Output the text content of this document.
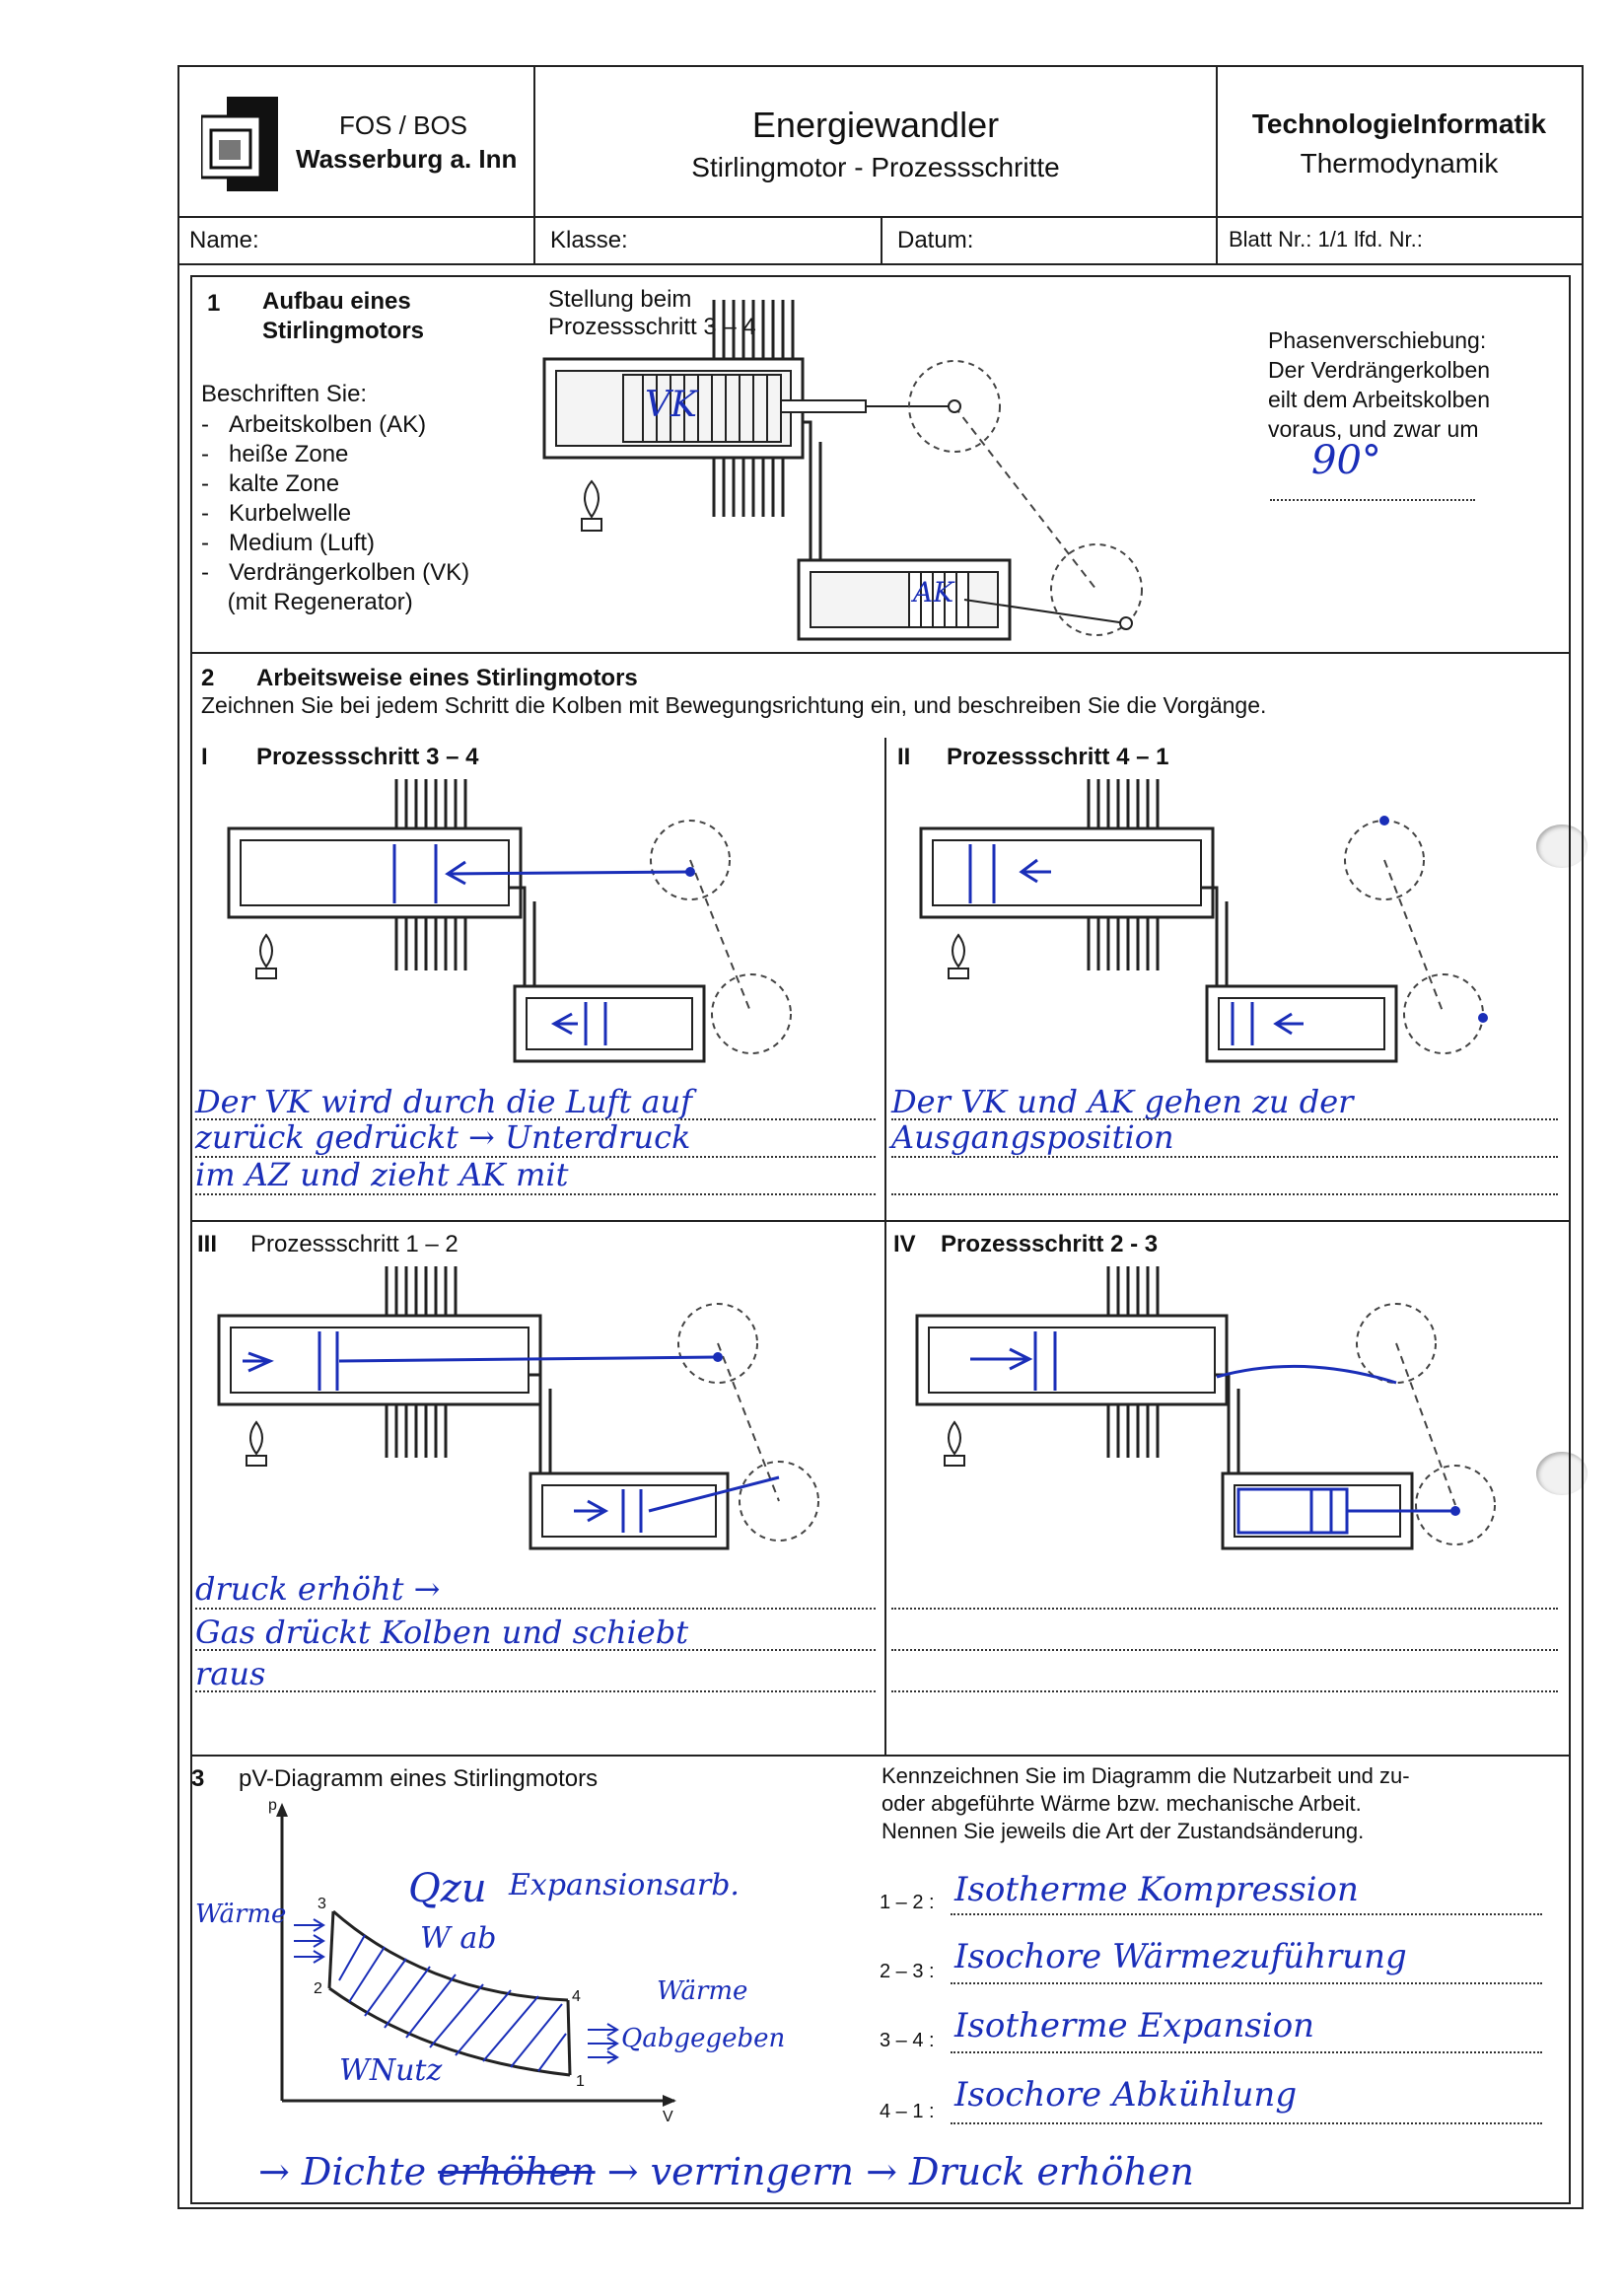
FOS / BOS
Wasserburg a. Inn
Energiewandler
Stirlingmotor - Prozessschritte
TechnologieInformatik
Thermodynamik
Name:	Klasse:	Datum:	Blatt Nr.: 1/1 lfd. Nr.:
1 Aufbau eines
Stirlingmotors
Beschriften Sie:
-   Arbeitskolben (AK)
-   heiße Zone
-   kalte Zone
-   Kurbelwelle
-   Medium (Luft)
-   Verdrängerkolben (VK)
(mit Regenerator)
Stellung beim
Prozessschritt 3 – 4
VK
AK
Phasenverschiebung:
Der Verdrängerkolben
eilt dem Arbeitskolben
voraus, und zwar um
90°
2 Arbeitsweise eines Stirlingmotors
Zeichnen Sie bei jedem Schritt die Kolben mit Bewegungsrichtung ein, und beschreiben Sie die Vorgänge.
I Prozessschritt 3 – 4
Der VK wird durch die Luft auf
zurück gedrückt → Unterdruck
im AZ und zieht AK mit
II Prozessschritt 4 – 1
Der VK und AK gehen zu der
Ausgangsposition
III Prozessschritt 1 – 2
druck erhöht →
Gas drückt Kolben und schiebt
raus
IV Prozessschritt 2 - 3
3 pV-Diagramm eines Stirlingmotors
p
V
3
2	4
1
Wärme
Qzu Expansionsarb.
W ab
Wärme
Qabgegeben
WNutz
Kennzeichnen Sie im Diagramm die Nutzarbeit und zu-
oder abgeführte Wärme bzw. mechanische Arbeit.
Nennen Sie jeweils die Art der Zustandsänderung.
1 – 2 : Isotherme Kompression
2 – 3 : Isochore Wärmezuführung
3 – 4 : Isotherme Expansion
4 – 1 : Isochore Abkühlung
→ Dichte erhöhen → verringern → Druck erhöhen
